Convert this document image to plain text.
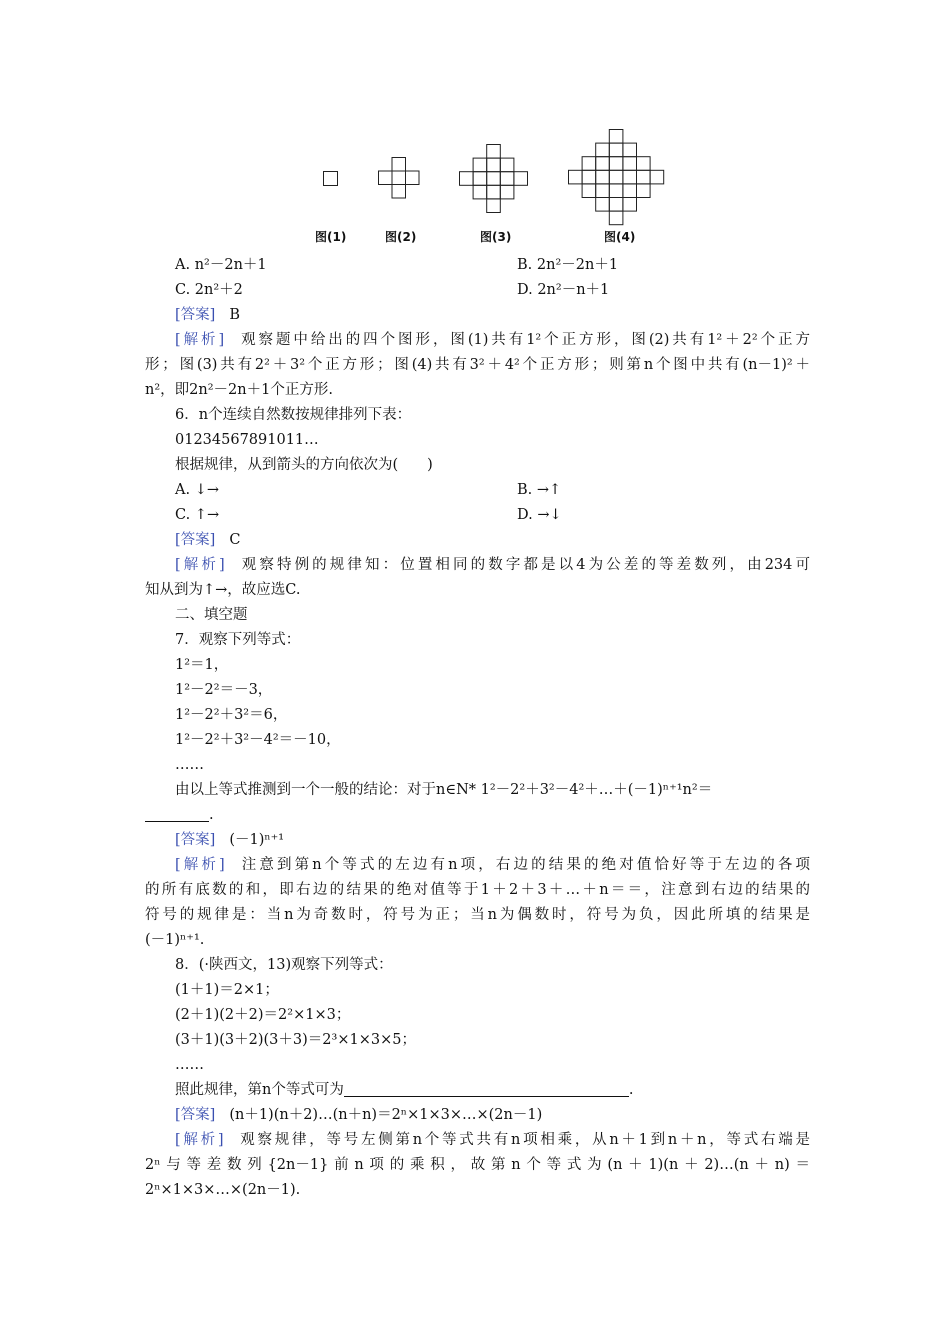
图(1)	图(2)	图(3)	图(4)
A. n²－2n＋1	B. 2n²－2n＋1
C. 2n²＋2	D. 2n²－n＋1
[答案] B
[解析] 观察题中给出的四个图形，图(1)共有1²个正方形，图(2)共有1²＋2²个正方
形；图(3)共有2²＋3²个正方形；图(4)共有3²＋4²个正方形；则第n个图中共有(n－1)²＋
n²，即2n²－2n＋1个正方形.
6．n个连续自然数按规律排列下表：
01234567891011…
根据规律，从到箭头的方向依次为(　　)
A. ↓→	B. →↑
C. ↑→	D. →↓
[答案] C
[解析] 观察特例的规律知：位置相同的数字都是以4为公差的等差数列，由234可
知从到为↑→，故应选C.
二、填空题
7．观察下列等式：
1²＝1，
1²－2²＝－3，
1²－2²＋3²＝6，
1²－2²＋3²－4²＝－10，
……
由以上等式推测到一个一般的结论：对于n∈N* 1²－2²＋3²－4²＋…＋(－1)ⁿ⁺¹n²＝
.
[答案] (－1)ⁿ⁺¹
[解析] 注意到第n个等式的左边有n项，右边的结果的绝对值恰好等于左边的各项
的所有底数的和，即右边的结果的绝对值等于1＋2＋3＋…＋n＝＝，注意到右边的结果的
符号的规律是：当n为奇数时，符号为正；当n为偶数时，符号为负，因此所填的结果是
(－1)ⁿ⁺¹.
8．(·陕西文，13)观察下列等式：
(1＋1)＝2×1；
(2＋1)(2＋2)＝2²×1×3；
(3＋1)(3＋2)(3＋3)＝2³×1×3×5；
……
照此规律，第n个等式可为	.
[答案] (n＋1)(n＋2)…(n＋n)＝2ⁿ×1×3×…×(2n－1)
[解析] 观察规律，等号左侧第n个等式共有n项相乘，从n＋1到n＋n，等式右端是
2ⁿ与等差数列{2n－1}前n项的乘积，故第n个等式为(n＋1)(n＋2)…(n＋n)＝
2ⁿ×1×3×…×(2n－1).
